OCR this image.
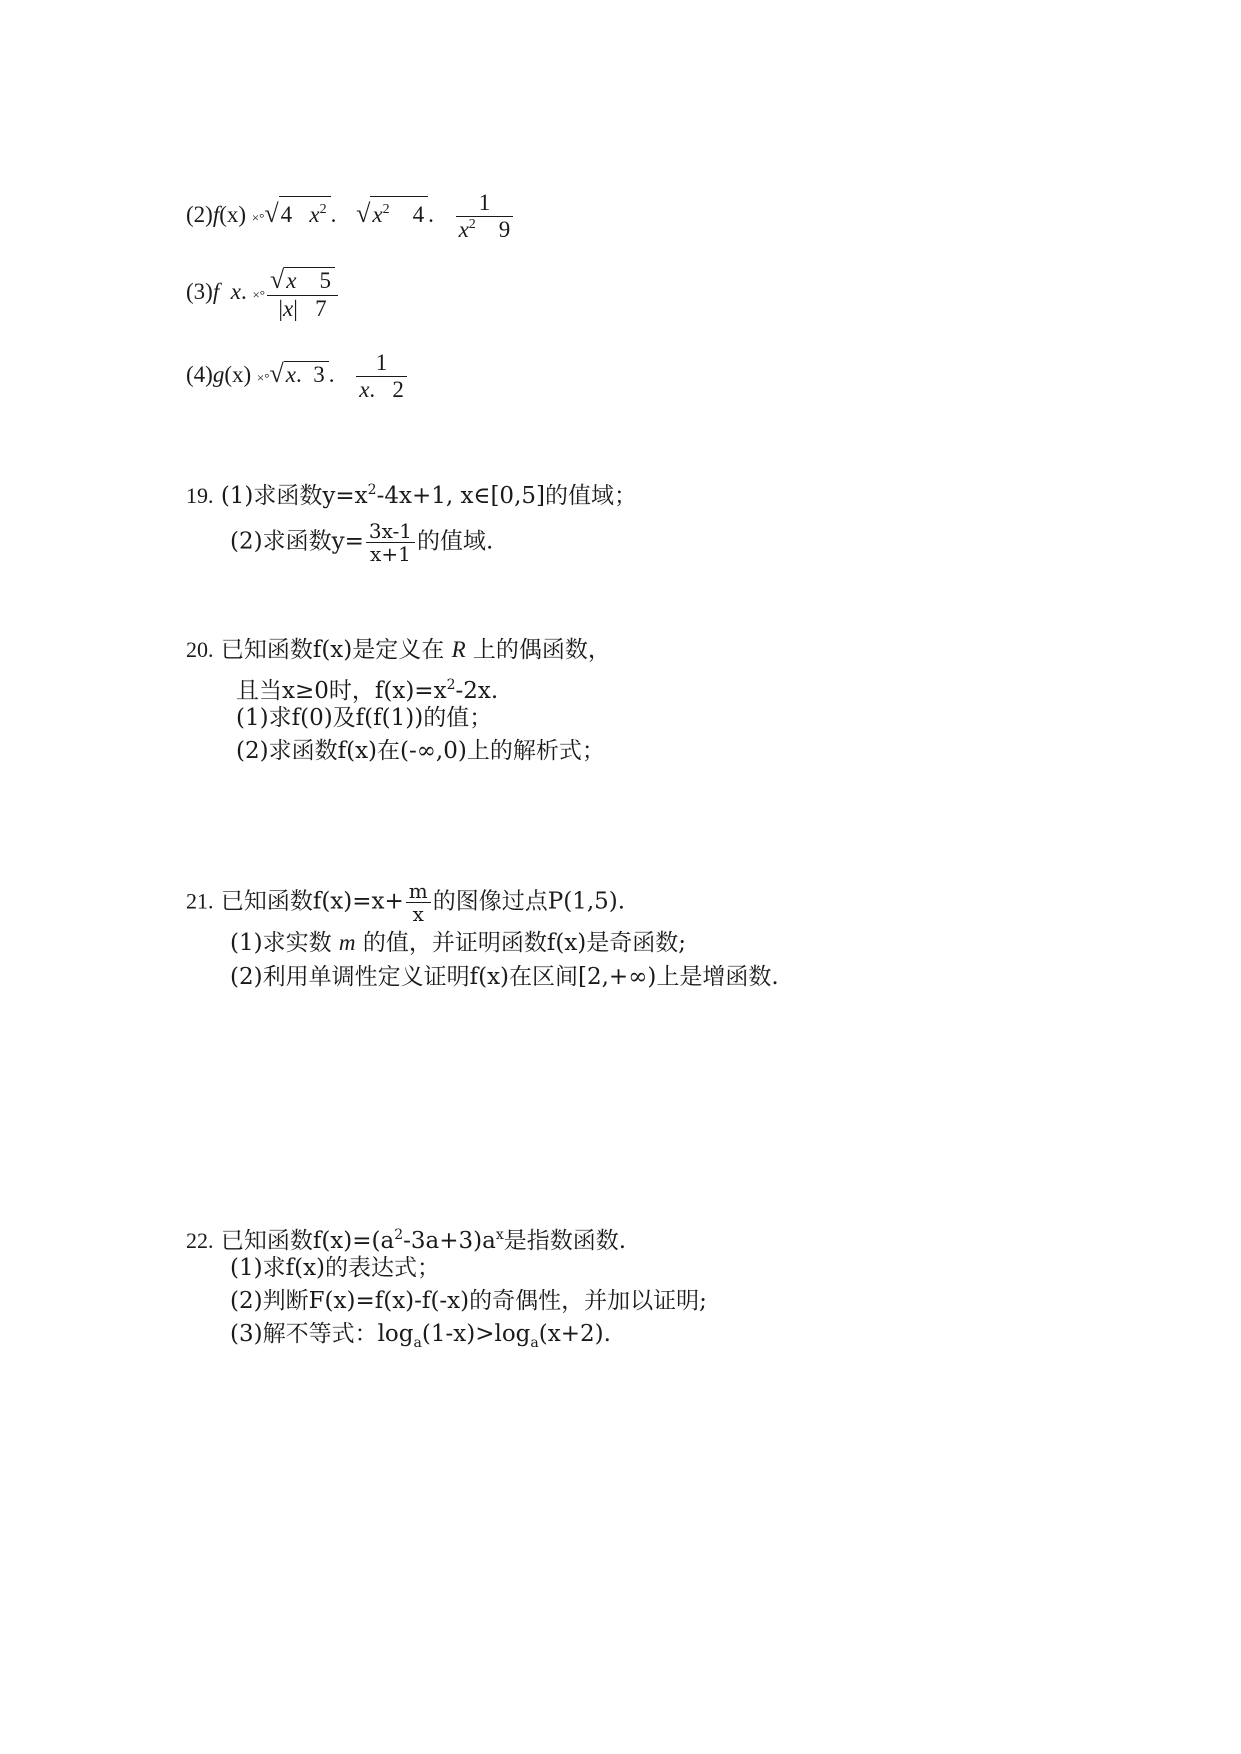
(2)f(x) ×°√4 $x^2$ . $√x^2$ 4 . $\frac{1}{x^2 9}$
(3)f x. ×° $\frac{√x 5}{|x| 7}$
(4)g(x) ×°√x.  3 . $\frac{1}{x. 2}$
19. (1)求函数$y=x^2-4x+1$, x∈[0,5]的值域；
(2)求函数$y= \frac{3x-1}{x+1}$ 的值域.
20. 已知函数f(x)是定义在 R 上的偶函数，
且当x≥0时，$f(x)=x^2-2x$.
(1)求f(0)及f(f(1))的值；
(2)求函数f(x)在(-∞,0)上的解析式；
21. 已知函数$f(x)=x+ \frac{m}{x}$ 的图像过点P(1,5).
(1)求实数 m 的值，并证明函数f(x)是奇函数;
(2)利用单调性定义证明f(x)在区间[2,+∞)上是增函数.
22. 已知函数$f(x)=(a^2-3a+3)a^x$是指数函数.
(1)求f(x)的表达式；
(2)判断F(x)=f(x)-f(-x)的奇偶性，并加以证明;
(3)解不等式：$\log_a(1-x)>\log_a(x+2)$.
